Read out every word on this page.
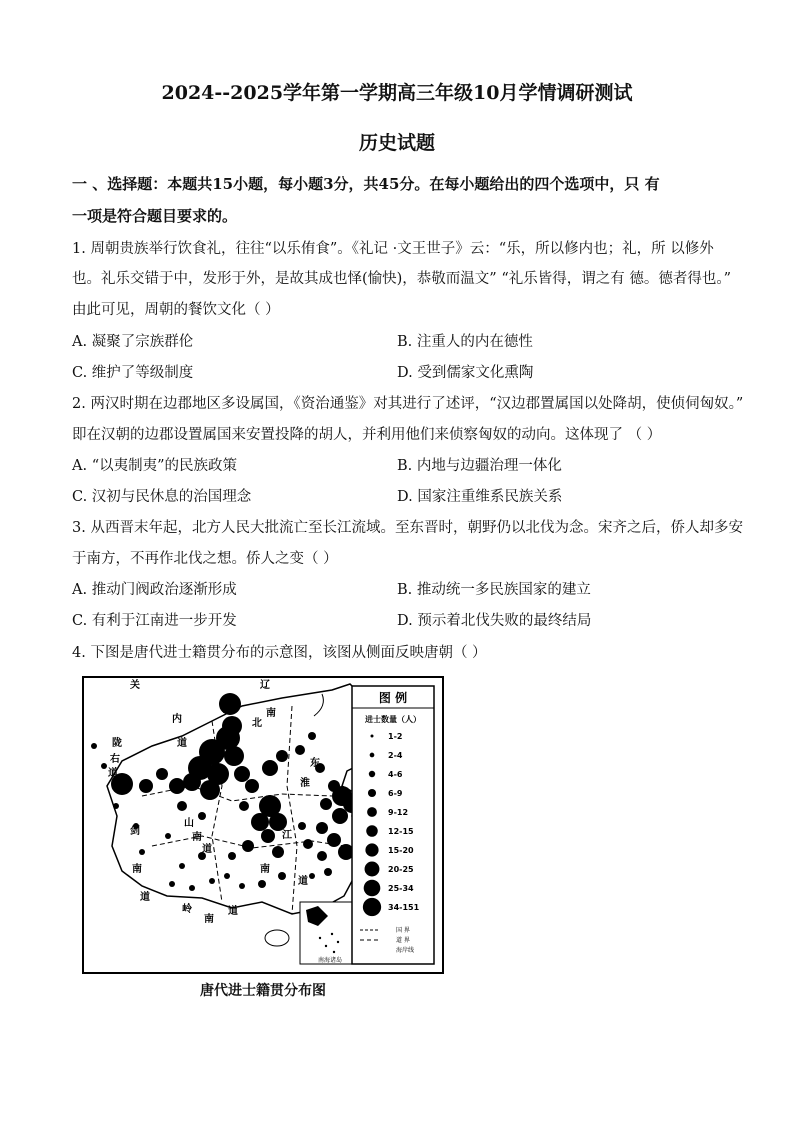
2024--2025学年第一学期高三年级10月学情调研测试
历史试题
一 、选择题：本题共15小题，每小题3分，共45分。在每小题给出的四个选项中，只 有
一项是符合题目要求的。
1. 周朝贵族举行饮食礼，往往“以乐侑食”。《礼记 ·文王世子》云：“乐，所以修内也；礼，所 以修外
也。礼乐交错于中，发形于外，是故其成也怿(愉快)，恭敬而温文” “礼乐皆得，谓之有 德。德者得也。”
由此可见，周朝的餐饮文化（ ）
A. 凝聚了宗族群伦	B. 注重人的内在德性
C. 维护了等级制度	D. 受到儒家文化熏陶
2. 两汉时期在边郡地区多设属国，《资治通鉴》对其进行了述评，“汉边郡置属国以处降胡，使侦伺匈奴。”
即在汉朝的边郡设置属国来安置投降的胡人，并利用他们来侦察匈奴的动向。这体现了 （ ）
A. “以夷制夷”的民族政策	B. 内地与边疆治理一体化
C. 汉初与民休息的治国理念	D. 国家注重维系民族关系
3. 从西晋末年起，北方人民大批流亡至长江流域。至东晋时，朝野仍以北伐为念。宋齐之后，侨人却多安
于南方，不再作北伐之想。侨人之变（ ）
A. 推动门阀政治逐渐形成	B. 推动统一多民族国家的建立
C. 有利于江南进一步开发	D. 预示着北伐失败的最终结局
4. 下图是唐代进士籍贯分布的示意图，该图从侧面反映唐朝（ ）
关
内
道
河
北
南
剑
南
道
山
南
道
江
南
道
岭
南
道
辽
陇
右
道
淮
东
南海诸岛
图 例
进士数量（人）
1-2
2-4
4-6
6-9
9-12
12-15
15-20
20-25
25-34
34-151
国 界
道 界
海岸线
唐代进士籍贯分布图
